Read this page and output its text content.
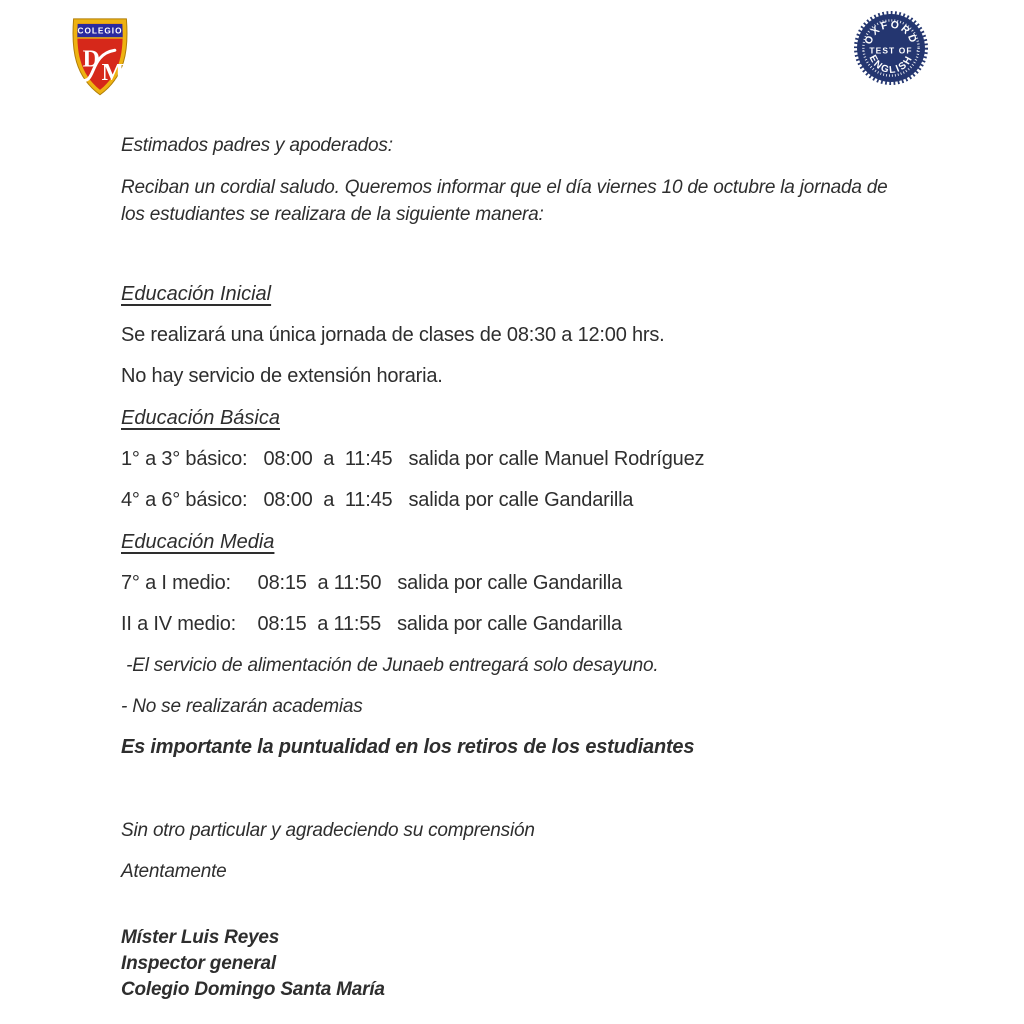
COLEGIO
D
M
OXFORD
· TEST OF ·
ENGLISH

Estimados padres y apoderados:

Reciban un cordial saludo. Queremos informar que el día viernes 10 de octubre la jornada de los estudiantes se realizara de la siguiente manera:

Educación Inicial

Se realizará una única jornada de clases de 08:30 a 12:00 hrs.

No hay servicio de extensión horaria.

Educación Básica

1° a 3° básico:   08:00  a  11:45   salida por calle Manuel Rodríguez

4° a 6° básico:   08:00  a  11:45   salida por calle Gandarilla

Educación Media

7° a I medio:     08:15  a 11:50   salida por calle Gandarilla

II a IV medio:    08:15  a 11:55   salida por calle Gandarilla

-El servicio de alimentación de Junaeb entregará solo desayuno.

- No se realizarán academias

Es importante la puntualidad en los retiros de los estudiantes

Sin otro particular y agradeciendo su comprensión

Atentamente

Míster Luis Reyes

Inspector general

Colegio Domingo Santa María
